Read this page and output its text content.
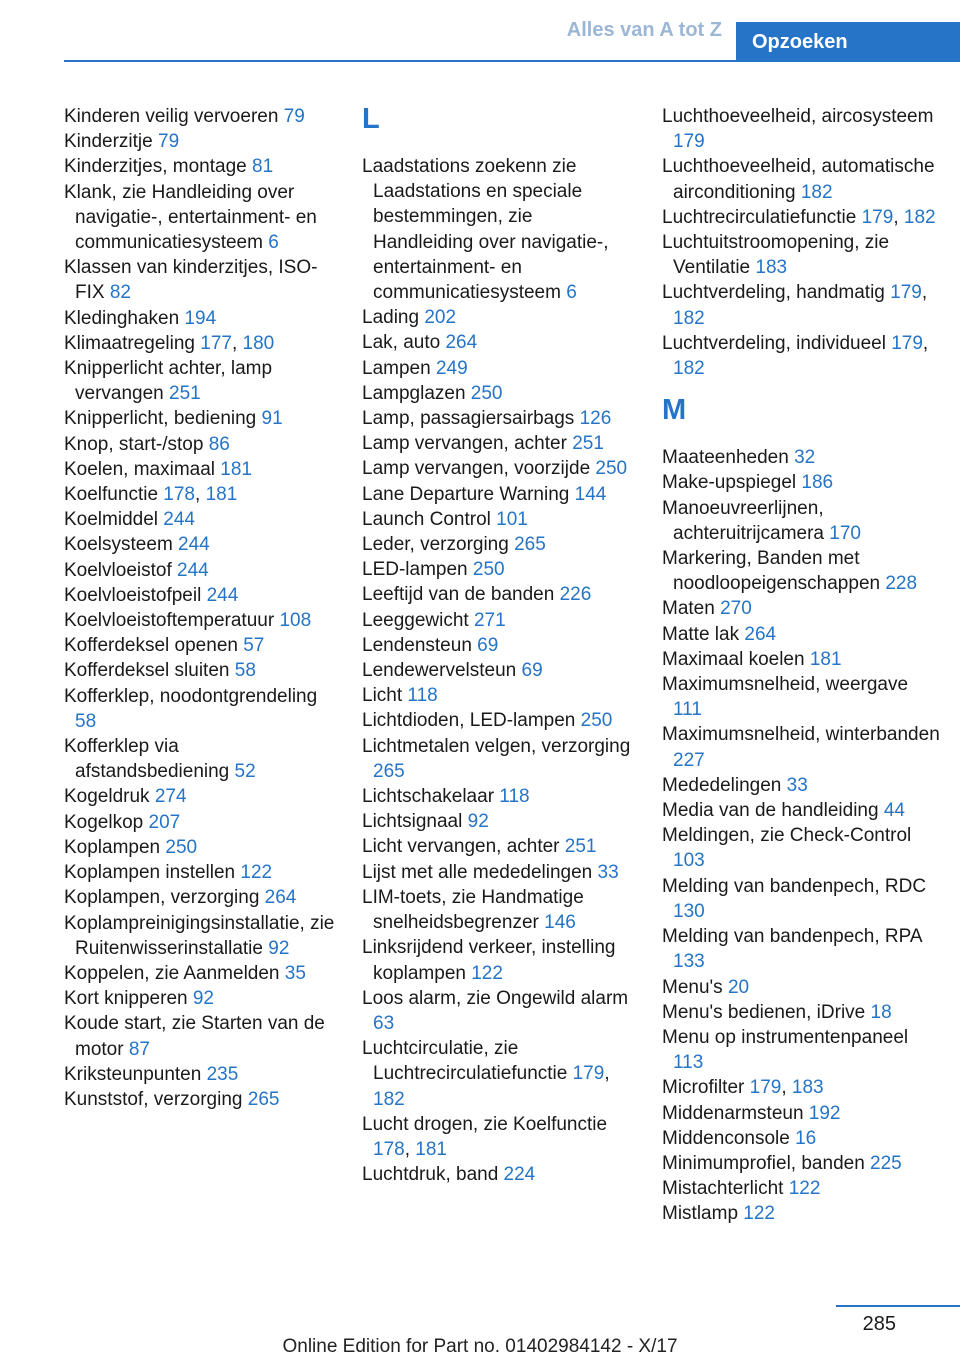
Alles van A tot Z
Opzoeken
Kinderen veilig vervoeren 79
Kinderzitje 79
Kinderzitjes, montage 81
Klank, zie Handleiding over navigatie-, entertainment- en communicatiesysteem 6
Klassen van kinderzitjes, ISO-FIX 82
Kledinghaken 194
Klimaatregeling 177, 180
Knipperlicht achter, lamp vervangen 251
Knipperlicht, bediening 91
Knop, start-/stop 86
Koelen, maximaal 181
Koelfunctie 178, 181
Koelmiddel 244
Koelsysteem 244
Koelvloeistof 244
Koelvloeistofpeil 244
Koelvloeistoftemperatuur 108
Kofferdeksel openen 57
Kofferdeksel sluiten 58
Kofferklep, noodontgrendeling 58
Kofferklep via afstandsbediening 52
Kogeldruk 274
Kogelkop 207
Koplampen 250
Koplampen instellen 122
Koplampen, verzorging 264
Koplampreinigingsinstallatie, zie Ruitenwisserinstallatie 92
Koppelen, zie Aanmelden 35
Kort knipperen 92
Koude start, zie Starten van de motor 87
Kriksteunpunten 235
Kunststof, verzorging 265
L
Laadstations zoekenn zie Laadstations en speciale bestemmingen, zie Handleiding over navigatie-, entertainment- en communicatiesysteem 6
Lading 202
Lak, auto 264
Lampen 249
Lampglazen 250
Lamp, passagiersairbags 126
Lamp vervangen, achter 251
Lamp vervangen, voorzijde 250
Lane Departure Warning 144
Launch Control 101
Leder, verzorging 265
LED-lampen 250
Leeftijd van de banden 226
Leeggewicht 271
Lendensteun 69
Lendewervelsteun 69
Licht 118
Lichtdioden, LED-lampen 250
Lichtmetalen velgen, verzorging 265
Lichtschakelaar 118
Lichtsignaal 92
Licht vervangen, achter 251
Lijst met alle mededelingen 33
LIM-toets, zie Handmatige snelheidsbegrenzer 146
Linksrijdend verkeer, instelling koplampen 122
Loos alarm, zie Ongewild alarm 63
Luchtcirculatie, zie Luchtrecirculatiefunctie 179, 182
Lucht drogen, zie Koelfunctie 178, 181
Luchtdruk, band 224
Luchthoeveelheid, aircosysteem 179
Luchthoeveelheid, automatische airconditioning 182
Luchtrecirculatiefunctie 179, 182
Luchtuitstroomopening, zie Ventilatie 183
Luchtverdeling, handmatig 179, 182
Luchtverdeling, individueel 179, 182
M
Maateenheden 32
Make-upspiegel 186
Manoeuvreerlijnen, achteruitrijcamera 170
Markering, Banden met noodloopeigenschappen 228
Maten 270
Matte lak 264
Maximaal koelen 181
Maximumsnelheid, weergave 111
Maximumsnelheid, winterbanden 227
Mededelingen 33
Media van de handleiding 44
Meldingen, zie Check-Control 103
Melding van bandenpech, RDC 130
Melding van bandenpech, RPA 133
Menu's 20
Menu's bedienen, iDrive 18
Menu op instrumentenpaneel 113
Microfilter 179, 183
Middenarmsteun 192
Middenconsole 16
Minimumprofiel, banden 225
Mistachterlicht 122
Mistlamp 122
285
Online Edition for Part no. 01402984142 - X/17
